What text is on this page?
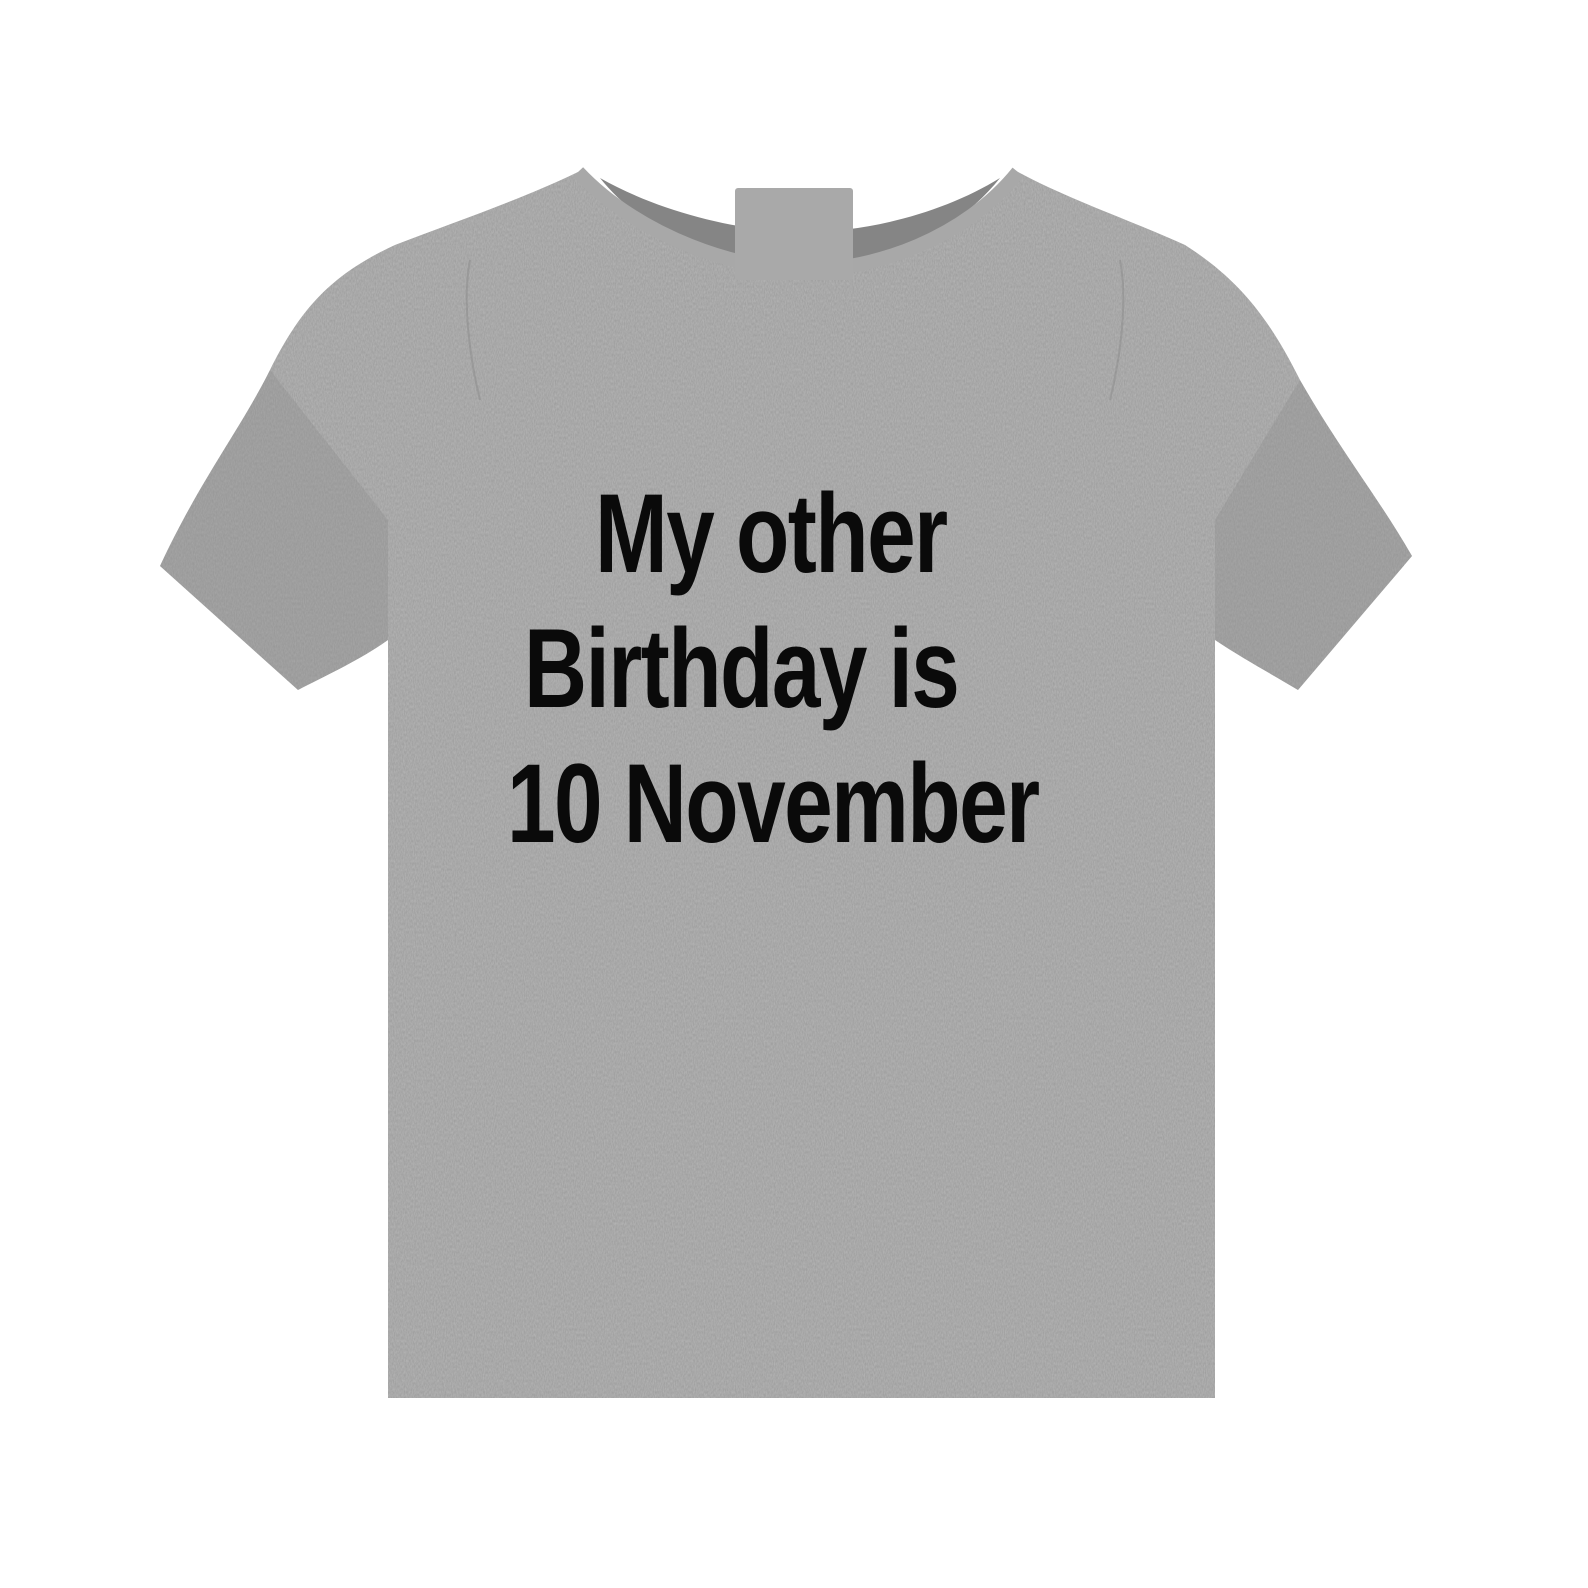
My other
Birthday is
10 November
